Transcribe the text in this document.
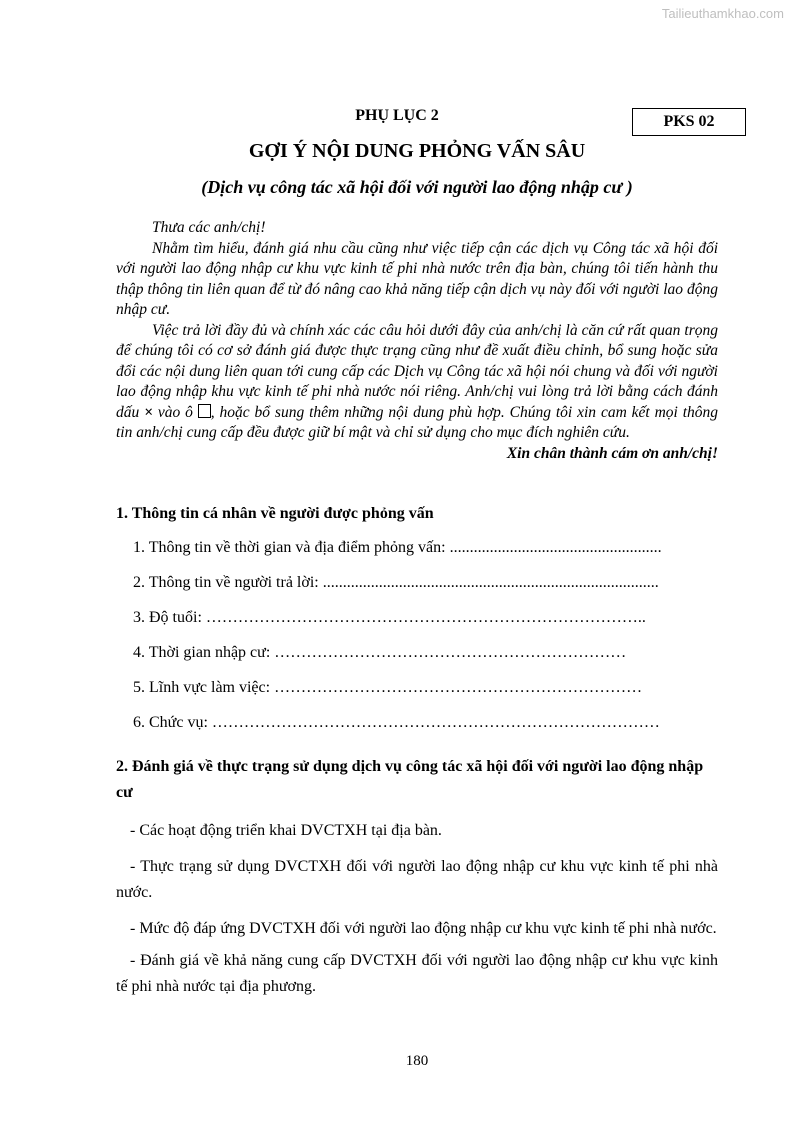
Tailieuthamkhao.com
PKS 02
PHỤ LỤC 2
GỢI Ý NỘI DUNG PHỎNG VẤN SÂU
(Dịch vụ công tác xã hội đối với người lao động nhập cư )

Thưa các anh/chị!

Nhằm tìm hiểu, đánh giá nhu cầu cũng như việc tiếp cận các dịch vụ Công tác xã hội đối với người lao động nhập cư khu vực kinh tế phi nhà nước trên địa bàn, chúng tôi tiến hành thu thập thông tin liên quan để từ đó nâng cao khả năng tiếp cận dịch vụ này đối với người lao động nhập cư.

Việc trả lời đầy đủ và chính xác các câu hỏi dưới đây của anh/chị là căn cứ rất quan trọng để chúng tôi có cơ sở đánh giá được thực trạng cũng như đề xuất điều chỉnh, bổ sung hoặc sửa đổi các nội dung liên quan tới cung cấp các Dịch vụ Công tác xã hội nói chung và đối với người lao động nhập khu vực kinh tế phi nhà nước nói riêng. Anh/chị vui lòng trả lời bằng cách đánh dấu × vào ô , hoặc bổ sung thêm những nội dung phù hợp. Chúng tôi xin cam kết mọi thông tin anh/chị cung cấp đều được giữ bí mật và chỉ sử dụng cho mục đích nghiên cứu.

Xin chân thành cám ơn anh/chị!

1. Thông tin cá nhân về người được phỏng vấn
1. Thông tin về thời gian và địa điểm phỏng vấn: .....................................................
2. Thông tin về người trả lời: ....................................................................................
3. Độ tuổi: ………………………………………………………………………..
4. Thời gian nhập cư: …………………………………………………………
5. Lĩnh vực làm việc: ……………………………………………………………
6. Chức vụ: …………………………………………………………………………
2. Đánh giá về thực trạng sử dụng dịch vụ công tác xã hội đối với người lao động nhập cư

- Các hoạt động triển khai DVCTXH tại địa bàn.

- Thực trạng sử dụng DVCTXH đối với người lao động nhập cư khu vực kinh tế phi nhà nước.

- Mức độ đáp ứng DVCTXH đối với người lao động nhập cư khu vực kinh tế phi nhà nước.

- Đánh giá về khả năng cung cấp DVCTXH đối với người lao động nhập cư khu vực kinh tế phi nhà nước tại địa phương.

180
